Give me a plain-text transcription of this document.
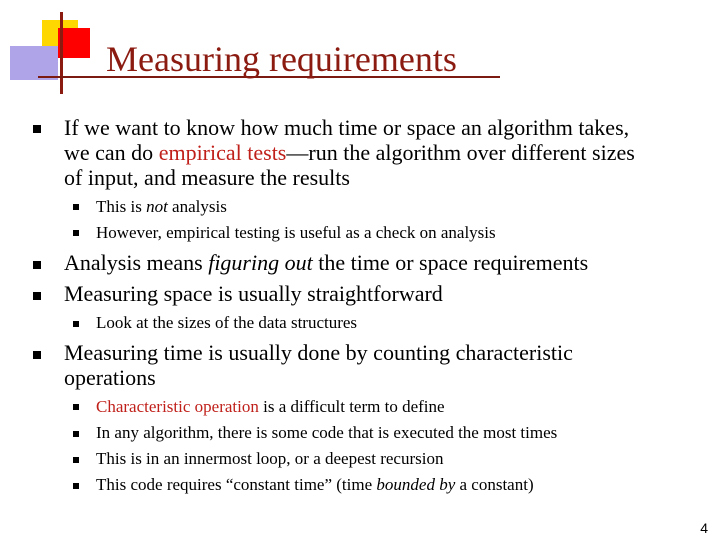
Measuring requirements
If we want to know how much time or space an algorithm takes,
we can do empirical tests—run the algorithm over different sizes
of input, and measure the results
This is not analysis
However, empirical testing is useful as a check on analysis
Analysis means figuring out the time or space requirements
Measuring space is usually straightforward
Look at the sizes of the data structures
Measuring time is usually done by counting characteristic
operations
Characteristic operation is a difficult term to define
In any algorithm, there is some code that is executed the most times
This is in an innermost loop, or a deepest recursion
This code requires “constant time” (time bounded by a constant)
4
